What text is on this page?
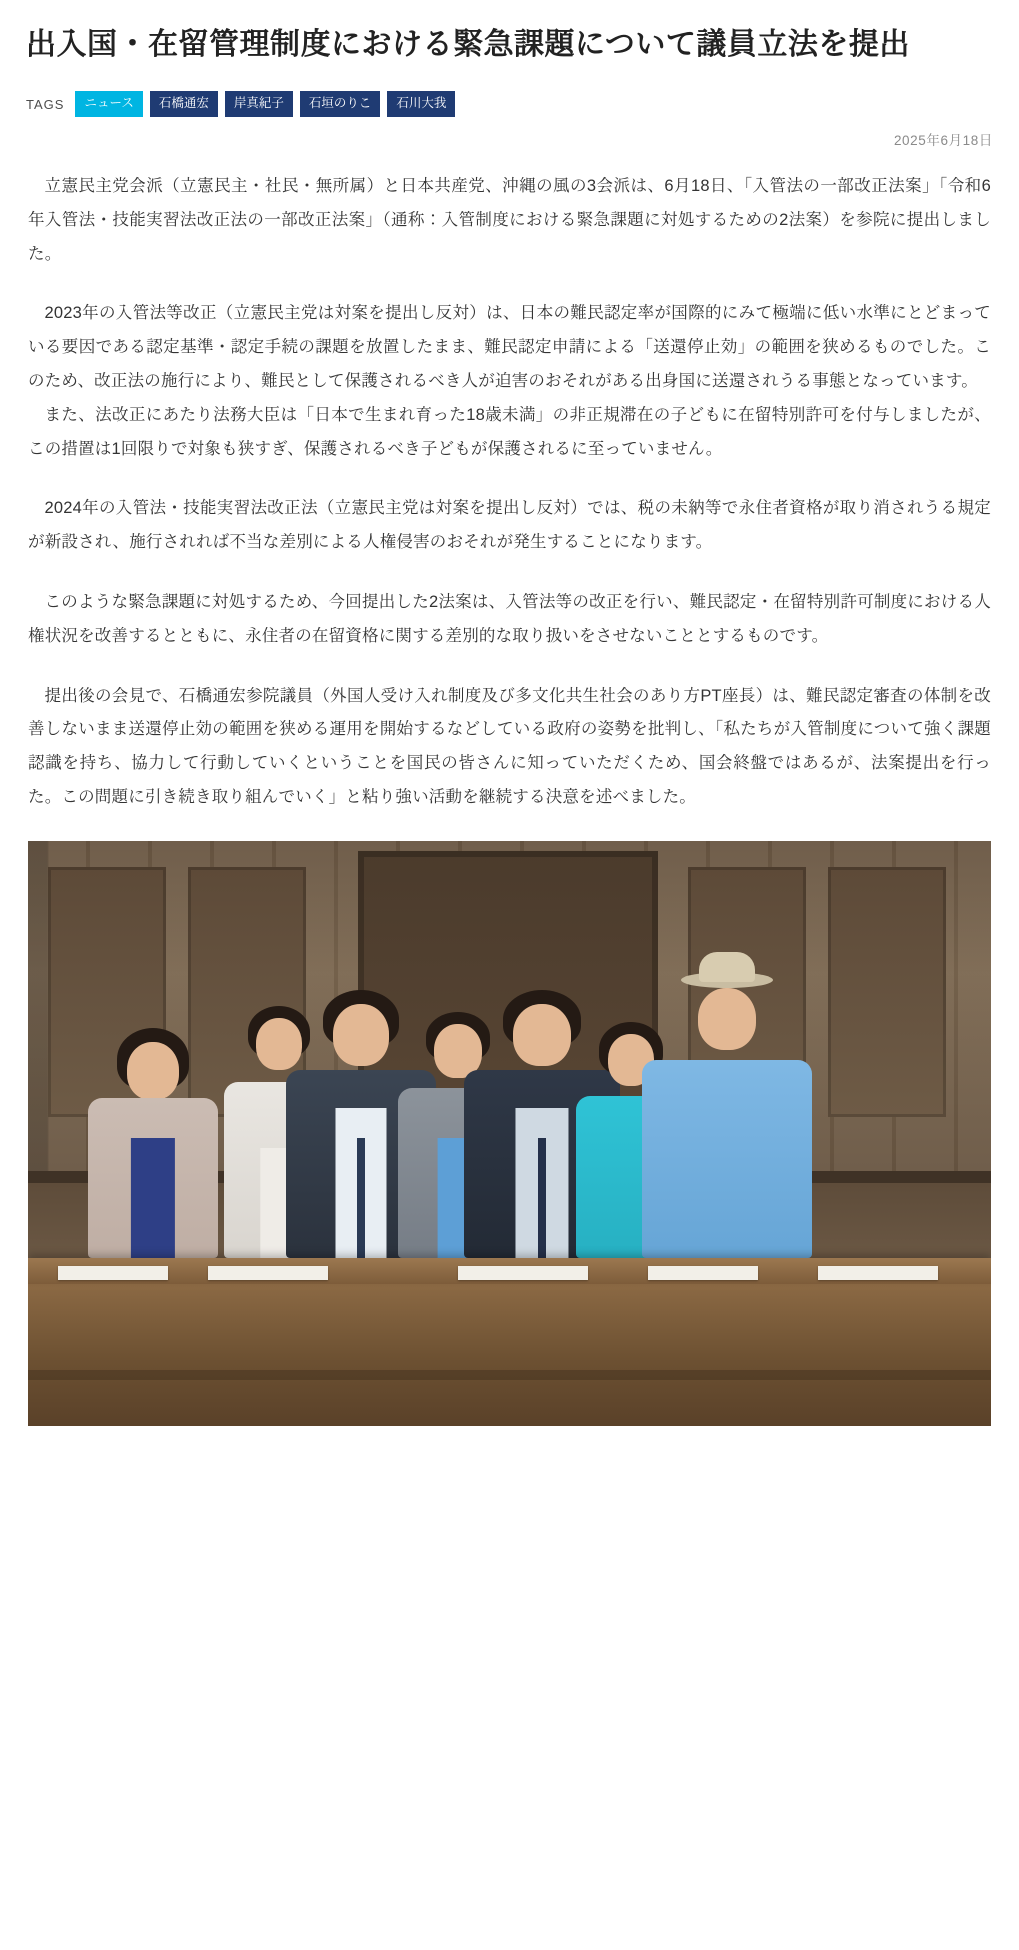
出入国・在留管理制度における緊急課題について議員立法を提出
TAGS	ニュース	石橋通宏	岸真紀子	石垣のりこ	石川大我
2025年6月18日

立憲民主党会派（立憲民主・社民・無所属）と日本共産党、沖縄の風の3会派は、6月18日、「入管法の一部改正法案」「令和6年入管法・技能実習法改正法の一部改正法案」（通称：入管制度における緊急課題に対処するための2法案）を参院に提出しました。

2023年の入管法等改正（立憲民主党は対案を提出し反対）は、日本の難民認定率が国際的にみて極端に低い水準にとどまっている要因である認定基準・認定手続の課題を放置したまま、難民認定申請による「送還停止効」の範囲を狭めるものでした。このため、改正法の施行により、難民として保護されるべき人が迫害のおそれがある出身国に送還されうる事態となっています。

また、法改正にあたり法務大臣は「日本で生まれ育った18歳未満」の非正規滞在の子どもに在留特別許可を付与しましたが、この措置は1回限りで対象も狭すぎ、保護されるべき子どもが保護されるに至っていません。

2024年の入管法・技能実習法改正法（立憲民主党は対案を提出し反対）では、税の未納等で永住者資格が取り消されうる規定が新設され、施行されれば不当な差別による人権侵害のおそれが発生することになります。

このような緊急課題に対処するため、今回提出した2法案は、入管法等の改正を行い、難民認定・在留特別許可制度における人権状況を改善するとともに、永住者の在留資格に関する差別的な取り扱いをさせないこととするものです。

提出後の会見で、石橋通宏参院議員（外国人受け入れ制度及び多文化共生社会のあり方PT座長）は、難民認定審査の体制を改善しないまま送還停止効の範囲を狭める運用を開始するなどしている政府の姿勢を批判し、「私たちが入管制度について強く課題認識を持ち、協力して行動していくということを国民の皆さんに知っていただくため、国会終盤ではあるが、法案提出を行った。この問題に引き続き取り組んでいく」と粘り強い活動を継続する決意を述べました。
